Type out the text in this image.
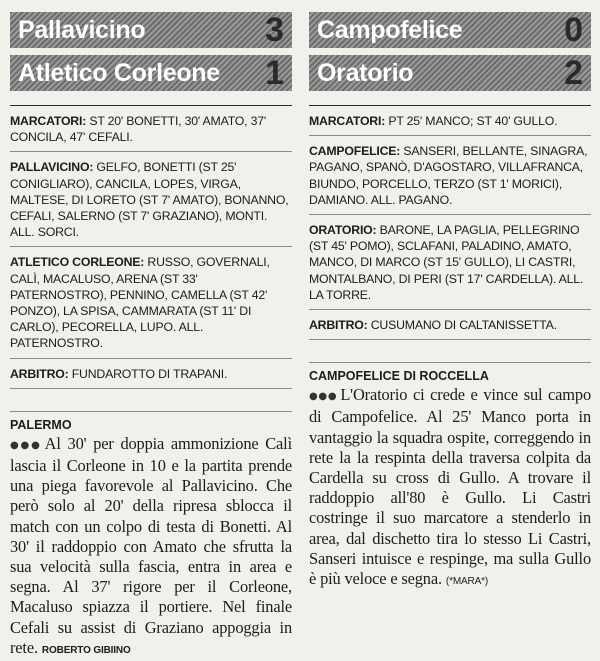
Pallavicino	3
Atletico Corleone 1
MARCATORI: ST 20' BONETTI, 30' AMATO, 37' CONCILA, 47' CEFALI.
PALLAVICINO: GELFO, BONETTI (ST 25' CONIGLIARO), CANCILA, LOPES, VIRGA, MALTESE, DI LORETO (ST 7' AMATO), BONANNO, CEFALI, SALERNO (ST 7' GRAZIANO), MONTI. ALL. SORCI.
ATLETICO CORLEONE: RUSSO, GOVERNALI, CALÌ, MACALUSO, ARENA (ST 33' PATERNOSTRO), PENNINO, CAMELLA (ST 42' PONZO), LA SPISA, CAMMARATA (ST 11' DI CARLO), PECORELLA, LUPO. ALL. PATERNOSTRO.
ARBITRO: FUNDAROTTO DI TRAPANI.
PALERMO
●●● Al 30' per doppia ammonizione Calì lascia il Corleone in 10 e la partita prende una piega favorevole al Pallavicino. Che però solo al 20' della ripresa sblocca il match con un colpo di testa di Bonetti. Al 30' il raddoppio con Amato che sfrutta la sua velocità sulla fascia, entra in area e segna. Al 37' rigore per il Corleone, Macaluso spiazza il portiere. Nel finale Cefali su assist di Graziano appoggia in rete. ROBERTO GIBIINO
Campofelice	0
Oratorio	2
MARCATORI: PT 25' MANCO; ST 40' GULLO.
CAMPOFELICE: SANSERI, BELLANTE, SINAGRA, PAGANO, SPANÒ, D'AGOSTARO, VILLAFRANCA, BIUNDO, PORCELLO, TERZO (ST 1' MORICI), DAMIANO. ALL. PAGANO.
ORATORIO: BARONE, LA PAGLIA, PELLEGRINO (ST 45' POMO), SCLAFANI, PALADINO, AMATO, MANCO, DI MARCO (ST 15' GULLO), LI CASTRI, MONTALBANO, DI PERI (ST 17' CARDELLA). ALL. LA TORRE.
ARBITRO: CUSUMANO DI CALTANISSETTA.
CAMPOFELICE DI ROCCELLA
●●● L'Oratorio ci crede e vince sul campo di Campofelice. Al 25' Manco porta in vantaggio la squadra ospite, correggendo in rete la la respinta della traversa colpita da Cardella su cross di Gullo. A trovare il raddoppio all'80 è Gullo. Li Castri costringe il suo marcatore a stenderlo in area, dal dischetto tira lo stesso Li Castri, Sanseri intuisce e respinge, ma sulla Gullo è più veloce e segna. (*MARA*)
